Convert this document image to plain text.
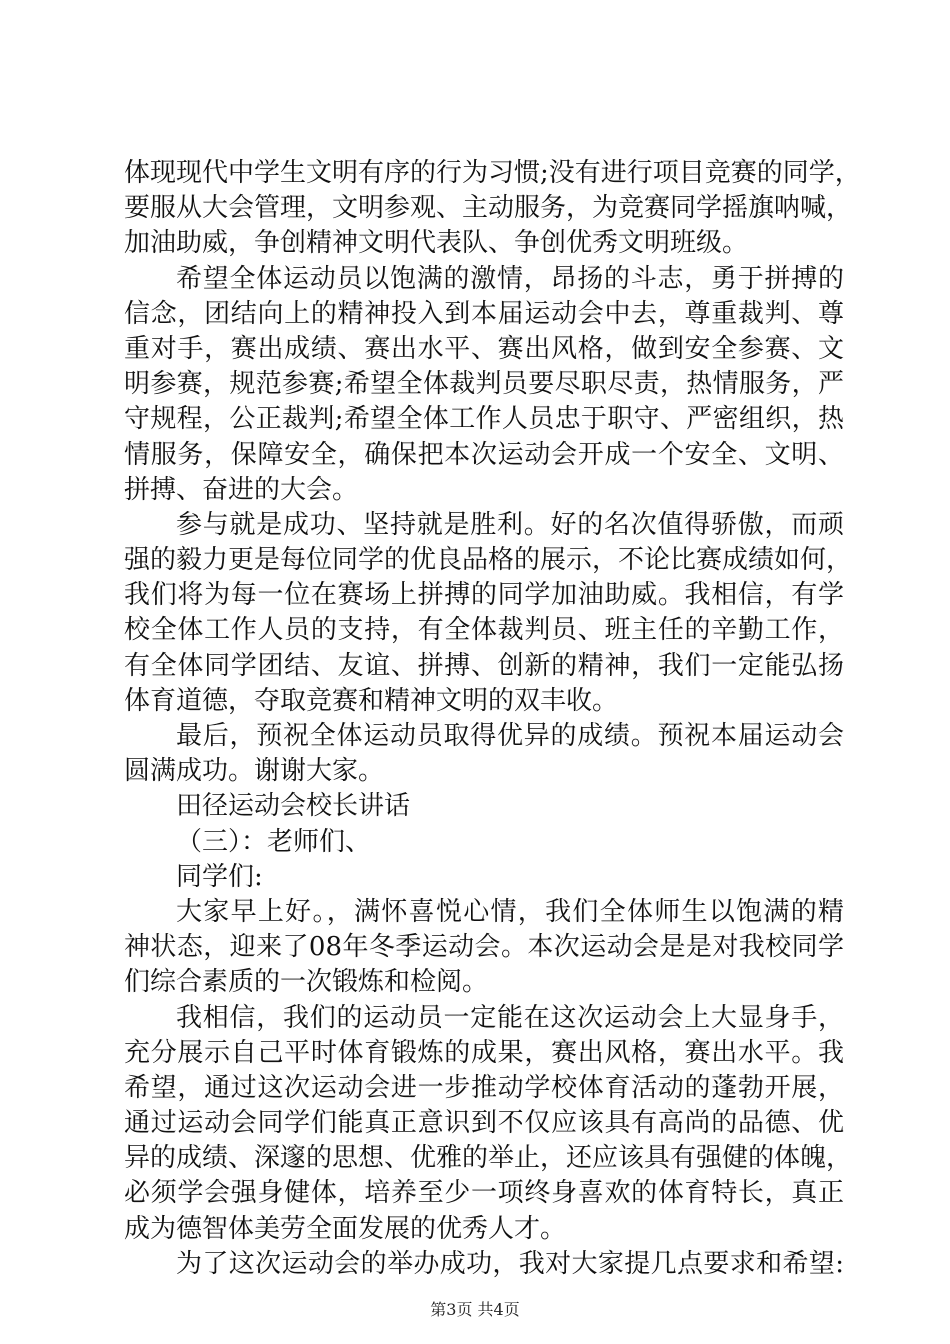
体现现代中学生文明有序的行为习惯;没有进行项目竞赛的同学，
要服从大会管理，文明参观、主动服务，为竞赛同学摇旗呐喊，
加油助威，争创精神文明代表队、争创优秀文明班级。
希望全体运动员以饱满的激情，昂扬的斗志，勇于拼搏的
信念，团结向上的精神投入到本届运动会中去，尊重裁判、尊
重对手，赛出成绩、赛出水平、赛出风格，做到安全参赛、文
明参赛，规范参赛;希望全体裁判员要尽职尽责，热情服务，严
守规程，公正裁判;希望全体工作人员忠于职守、严密组织，热
情服务，保障安全，确保把本次运动会开成一个安全、文明、
拼搏、奋进的大会。
参与就是成功、坚持就是胜利。好的名次值得骄傲，而顽
强的毅力更是每位同学的优良品格的展示，不论比赛成绩如何，
我们将为每一位在赛场上拼搏的同学加油助威。我相信，有学
校全体工作人员的支持，有全体裁判员、班主任的辛勤工作，
有全体同学团结、友谊、拼搏、创新的精神，我们一定能弘扬
体育道德，夺取竞赛和精神文明的双丰收。
最后，预祝全体运动员取得优异的成绩。预祝本届运动会
圆满成功。谢谢大家。
田径运动会校长讲话
（三）：老师们、
同学们:
大家早上好。，满怀喜悦心情，我们全体师生以饱满的精
神状态，迎来了08年冬季运动会。本次运动会是是对我校同学
们综合素质的一次锻炼和检阅。
我相信，我们的运动员一定能在这次运动会上大显身手，
充分展示自己平时体育锻炼的成果，赛出风格，赛出水平。我
希望，通过这次运动会进一步推动学校体育活动的蓬勃开展，
通过运动会同学们能真正意识到不仅应该具有高尚的品德、优
异的成绩、深邃的思想、优雅的举止，还应该具有强健的体魄，
必须学会强身健体，培养至少一项终身喜欢的体育特长，真正
成为德智体美劳全面发展的优秀人才。
为了这次运动会的举办成功，我对大家提几点要求和希望:
第3页 共4页
